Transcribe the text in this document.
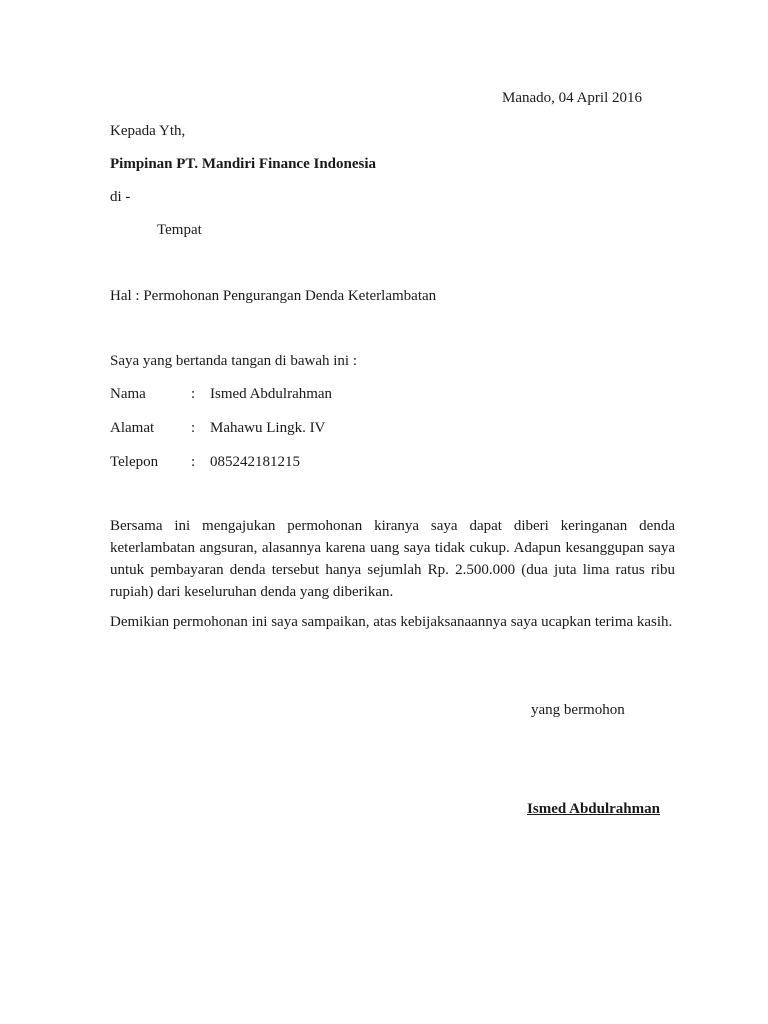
Manado, 04 April 2016
Kepada Yth,
Pimpinan PT. Mandiri Finance Indonesia
di -
Tempat
Hal : Permohonan Pengurangan Denda Keterlambatan
Saya yang bertanda tangan di bawah ini :
Nama	: Ismed Abdulrahman
Alamat : Mahawu Lingk. IV
Telepon : 085242181215
Bersama ini mengajukan permohonan kiranya saya dapat diberi keringanan denda keterlambatan angsuran, alasannya karena uang saya tidak cukup. Adapun kesanggupan saya untuk pembayaran denda tersebut hanya sejumlah Rp. 2.500.000 (dua juta lima ratus ribu rupiah) dari keseluruhan denda yang diberikan.
Demikian permohonan ini saya sampaikan, atas kebijaksanaannya saya ucapkan terima kasih.
yang bermohon
Ismed Abdulrahman
